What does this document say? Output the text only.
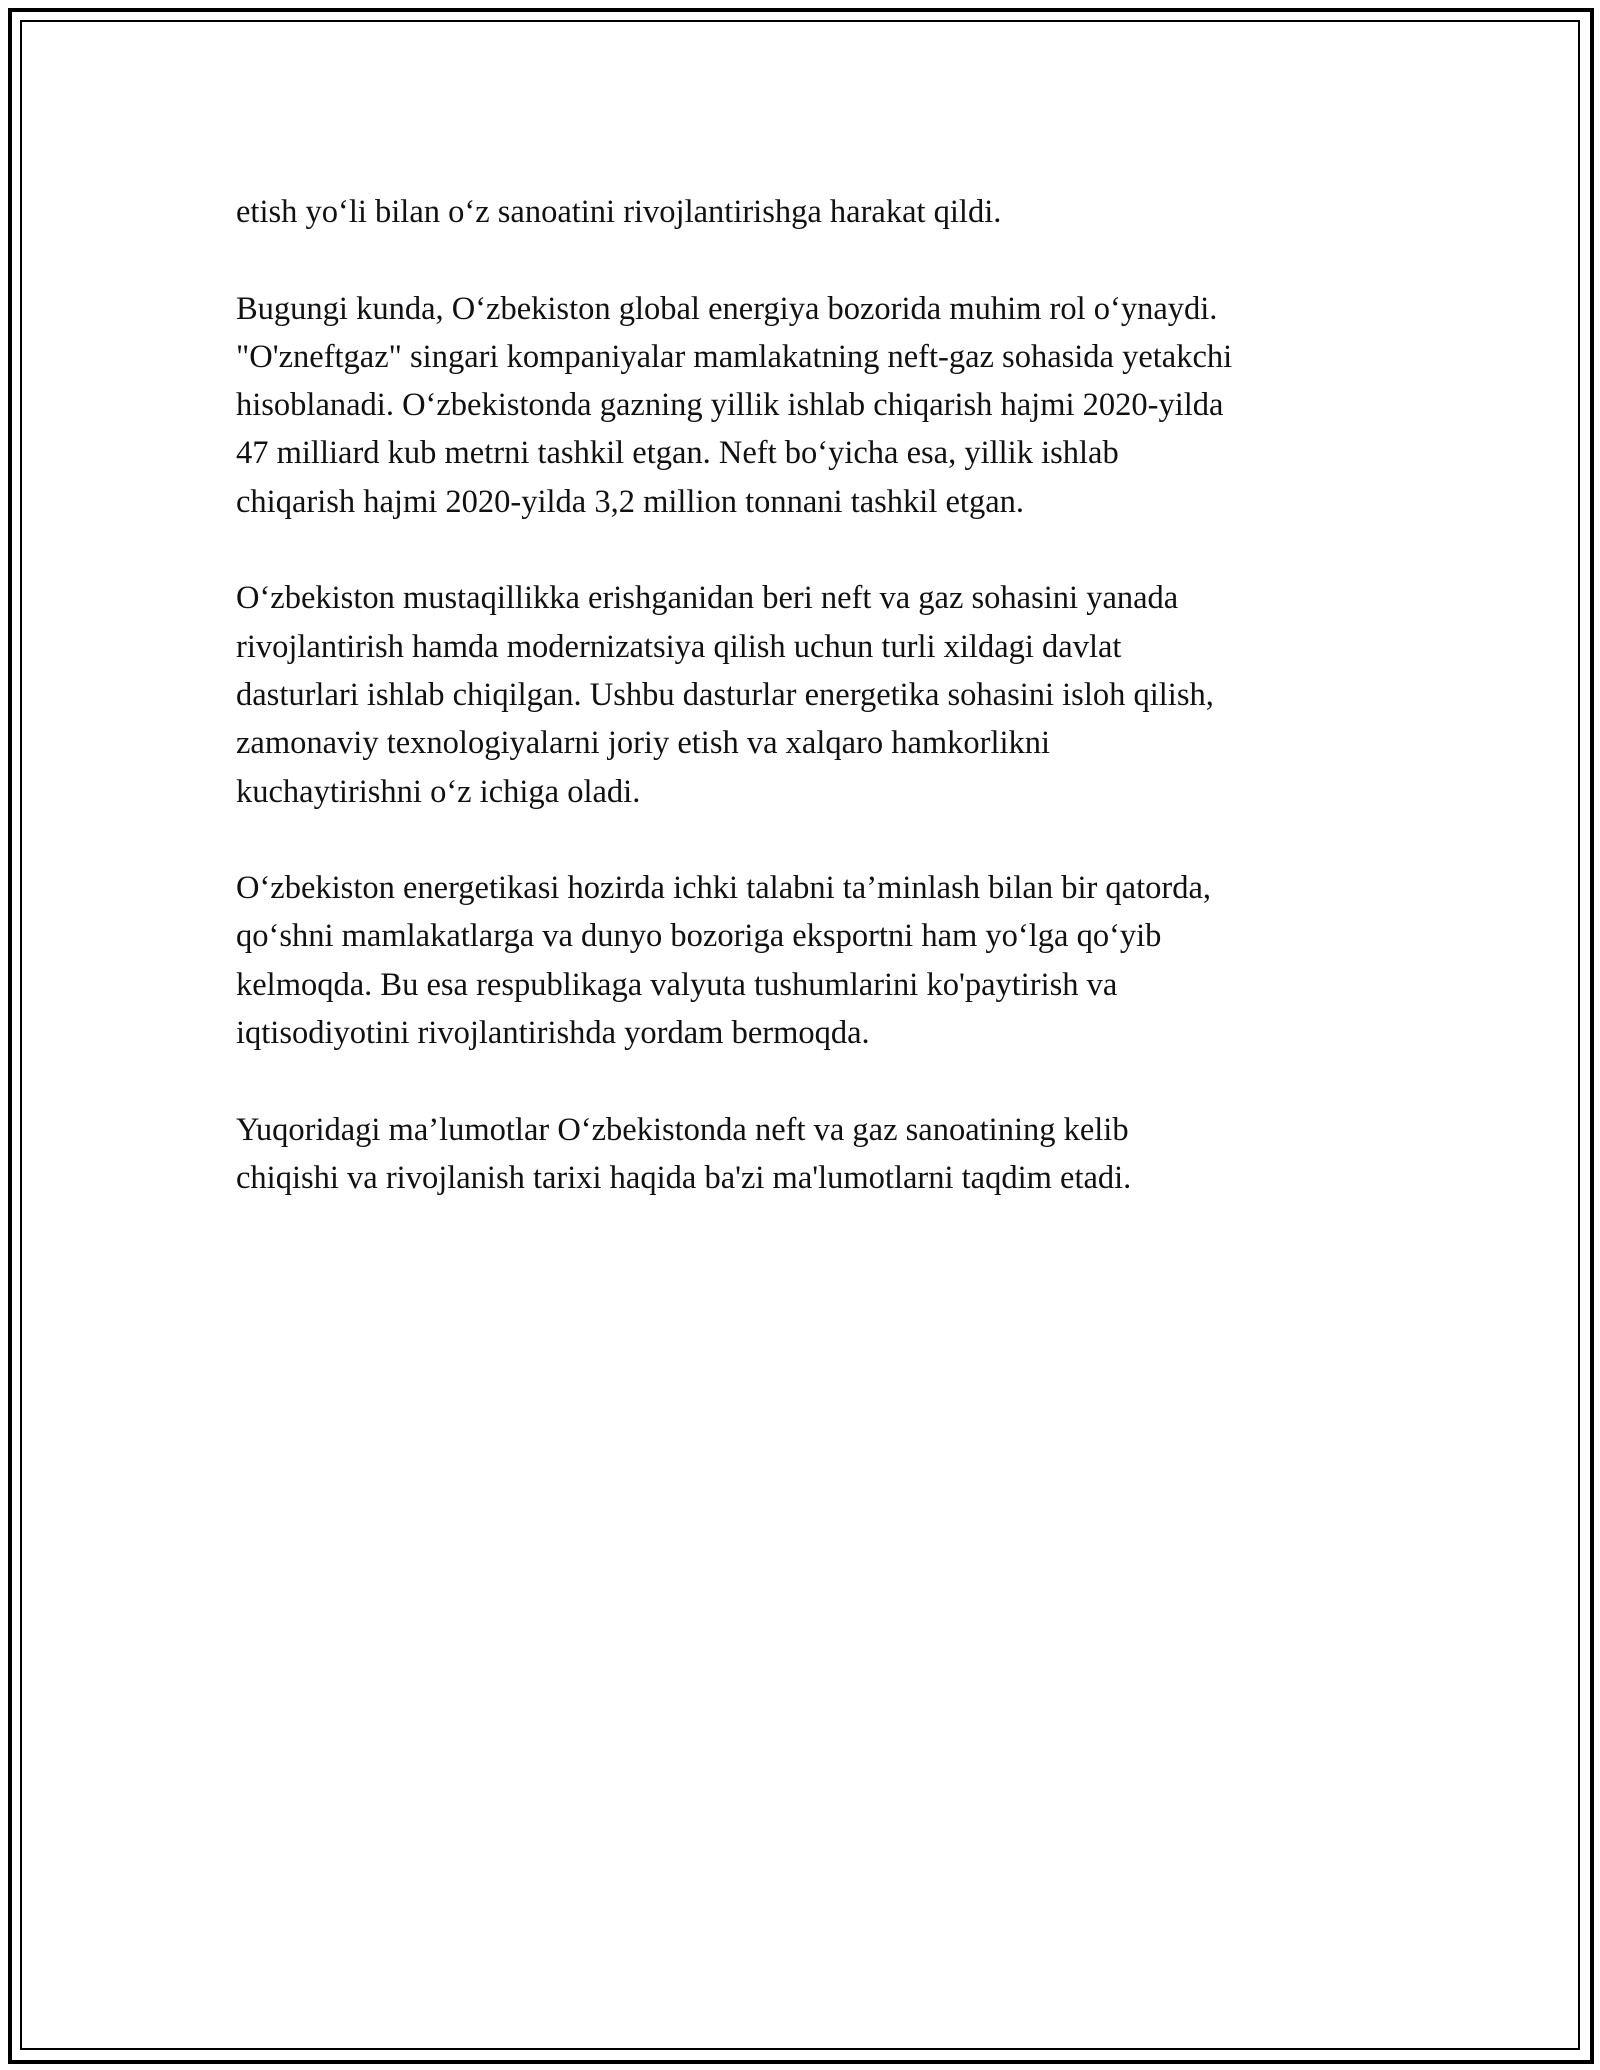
etish yo‘li bilan o‘z sanoatini rivojlantirishga harakat qildi.

Bugungi kunda, O‘zbekiston global energiya bozorida muhim rol o‘ynaydi.
"O'zneftgaz" singari kompaniyalar mamlakatning neft-gaz sohasida yetakchi
hisoblanadi. O‘zbekistonda gazning yillik ishlab chiqarish hajmi 2020-yilda
47 milliard kub metrni tashkil etgan. Neft bo‘yicha esa, yillik ishlab
chiqarish hajmi 2020-yilda 3,2 million tonnani tashkil etgan.

O‘zbekiston mustaqillikka erishganidan beri neft va gaz sohasini yanada
rivojlantirish hamda modernizatsiya qilish uchun turli xildagi davlat
dasturlari ishlab chiqilgan. Ushbu dasturlar energetika sohasini isloh qilish,
zamonaviy texnologiyalarni joriy etish va xalqaro hamkorlikni
kuchaytirishni o‘z ichiga oladi.

O‘zbekiston energetikasi hozirda ichki talabni ta’minlash bilan bir qatorda,
qo‘shni mamlakatlarga va dunyo bozoriga eksportni ham yo‘lga qo‘yib
kelmoqda. Bu esa respublikaga valyuta tushumlarini ko'paytirish va
iqtisodiyotini rivojlantirishda yordam bermoqda.

Yuqoridagi ma’lumotlar O‘zbekistonda neft va gaz sanoatining kelib
chiqishi va rivojlanish tarixi haqida ba'zi ma'lumotlarni taqdim etadi.
